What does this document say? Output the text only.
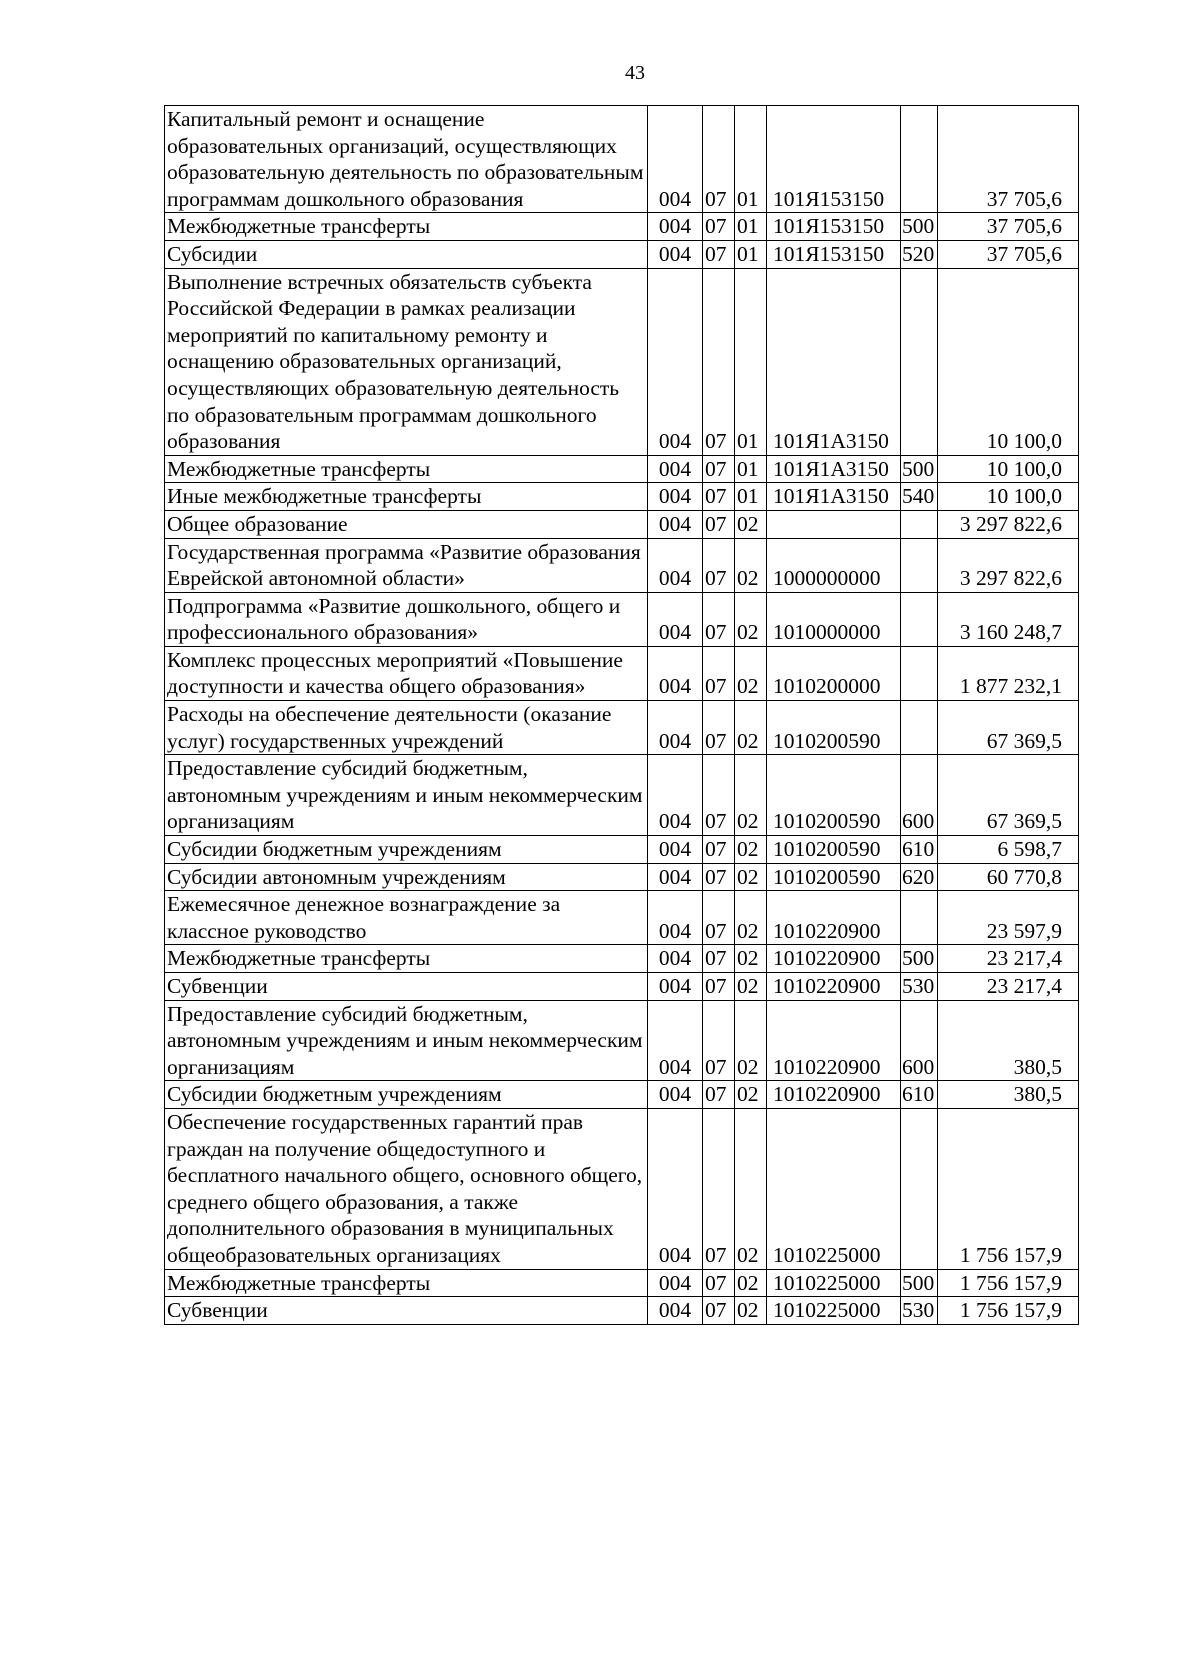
43
Капитальный ремонт и оснащение образовательных организаций, осуществляющих образовательную деятельность по образовательным программам дошкольного образования	004	07	01	101Я153150		37 705,6
Межбюджетные трансферты	004	07	01	101Я153150	500	37 705,6
Субсидии	004	07	01	101Я153150	520	37 705,6
Выполнение встречных обязательств субъекта Российской Федерации в рамках реализации мероприятий по капитальному ремонту и оснащению образовательных организаций, осуществляющих образовательную деятельность по образовательным программам дошкольного образования	004	07	01	101Я1А3150		10 100,0
Межбюджетные трансферты	004	07	01	101Я1А3150	500	10 100,0
Иные межбюджетные трансферты	004	07	01	101Я1А3150	540	10 100,0
Общее образование	004	07	02			3 297 822,6
Государственная программа «Развитие образования Еврейской автономной области»	004	07	02	1000000000		3 297 822,6
Подпрограмма «Развитие дошкольного, общего и профессионального образования»	004	07	02	1010000000		3 160 248,7
Комплекс процессных мероприятий «Повышение доступности и качества общего образования»	004	07	02	1010200000		1 877 232,1
Расходы на обеспечение деятельности (оказание услуг) государственных учреждений	004	07	02	1010200590		67 369,5
Предоставление субсидий бюджетным, автономным учреждениям и иным некоммерческим организациям	004	07	02	1010200590	600	67 369,5
Субсидии бюджетным учреждениям	004	07	02	1010200590	610	6 598,7
Субсидии автономным учреждениям	004	07	02	1010200590	620	60 770,8
Ежемесячное денежное вознаграждение за классное руководство	004	07	02	1010220900		23 597,9
Межбюджетные трансферты	004	07	02	1010220900	500	23 217,4
Субвенции	004	07	02	1010220900	530	23 217,4
Предоставление субсидий бюджетным, автономным учреждениям и иным некоммерческим организациям	004	07	02	1010220900	600	380,5
Субсидии бюджетным учреждениям	004	07	02	1010220900	610	380,5
Обеспечение государственных гарантий прав граждан на получение общедоступного и бесплатного начального общего, основного общего, среднего общего образования, а также дополнительного образования в муниципальных общеобразовательных организациях	004	07	02	1010225000		1 756 157,9
Межбюджетные трансферты	004	07	02	1010225000	500	1 756 157,9
Субвенции	004	07	02	1010225000	530	1 756 157,9
